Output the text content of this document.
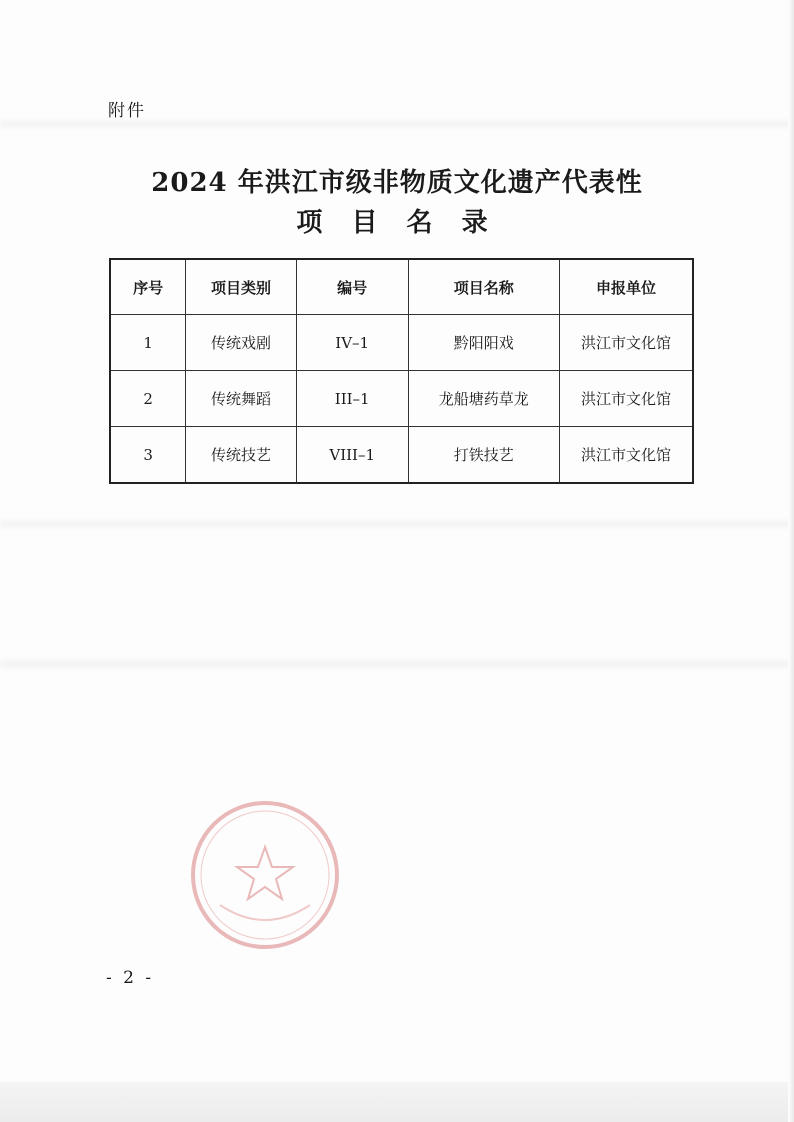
附件
2024 年洪江市级非物质文化遗产代表性
项 目 名 录
序号	项目类别	编号	项目名称	申报单位
1	传统戏剧	IV–1	黔阳阳戏	洪江市文化馆
2	传统舞蹈	III–1	龙船塘药草龙	洪江市文化馆
3	传统技艺	VIII–1	打铁技艺	洪江市文化馆
- 2 -
